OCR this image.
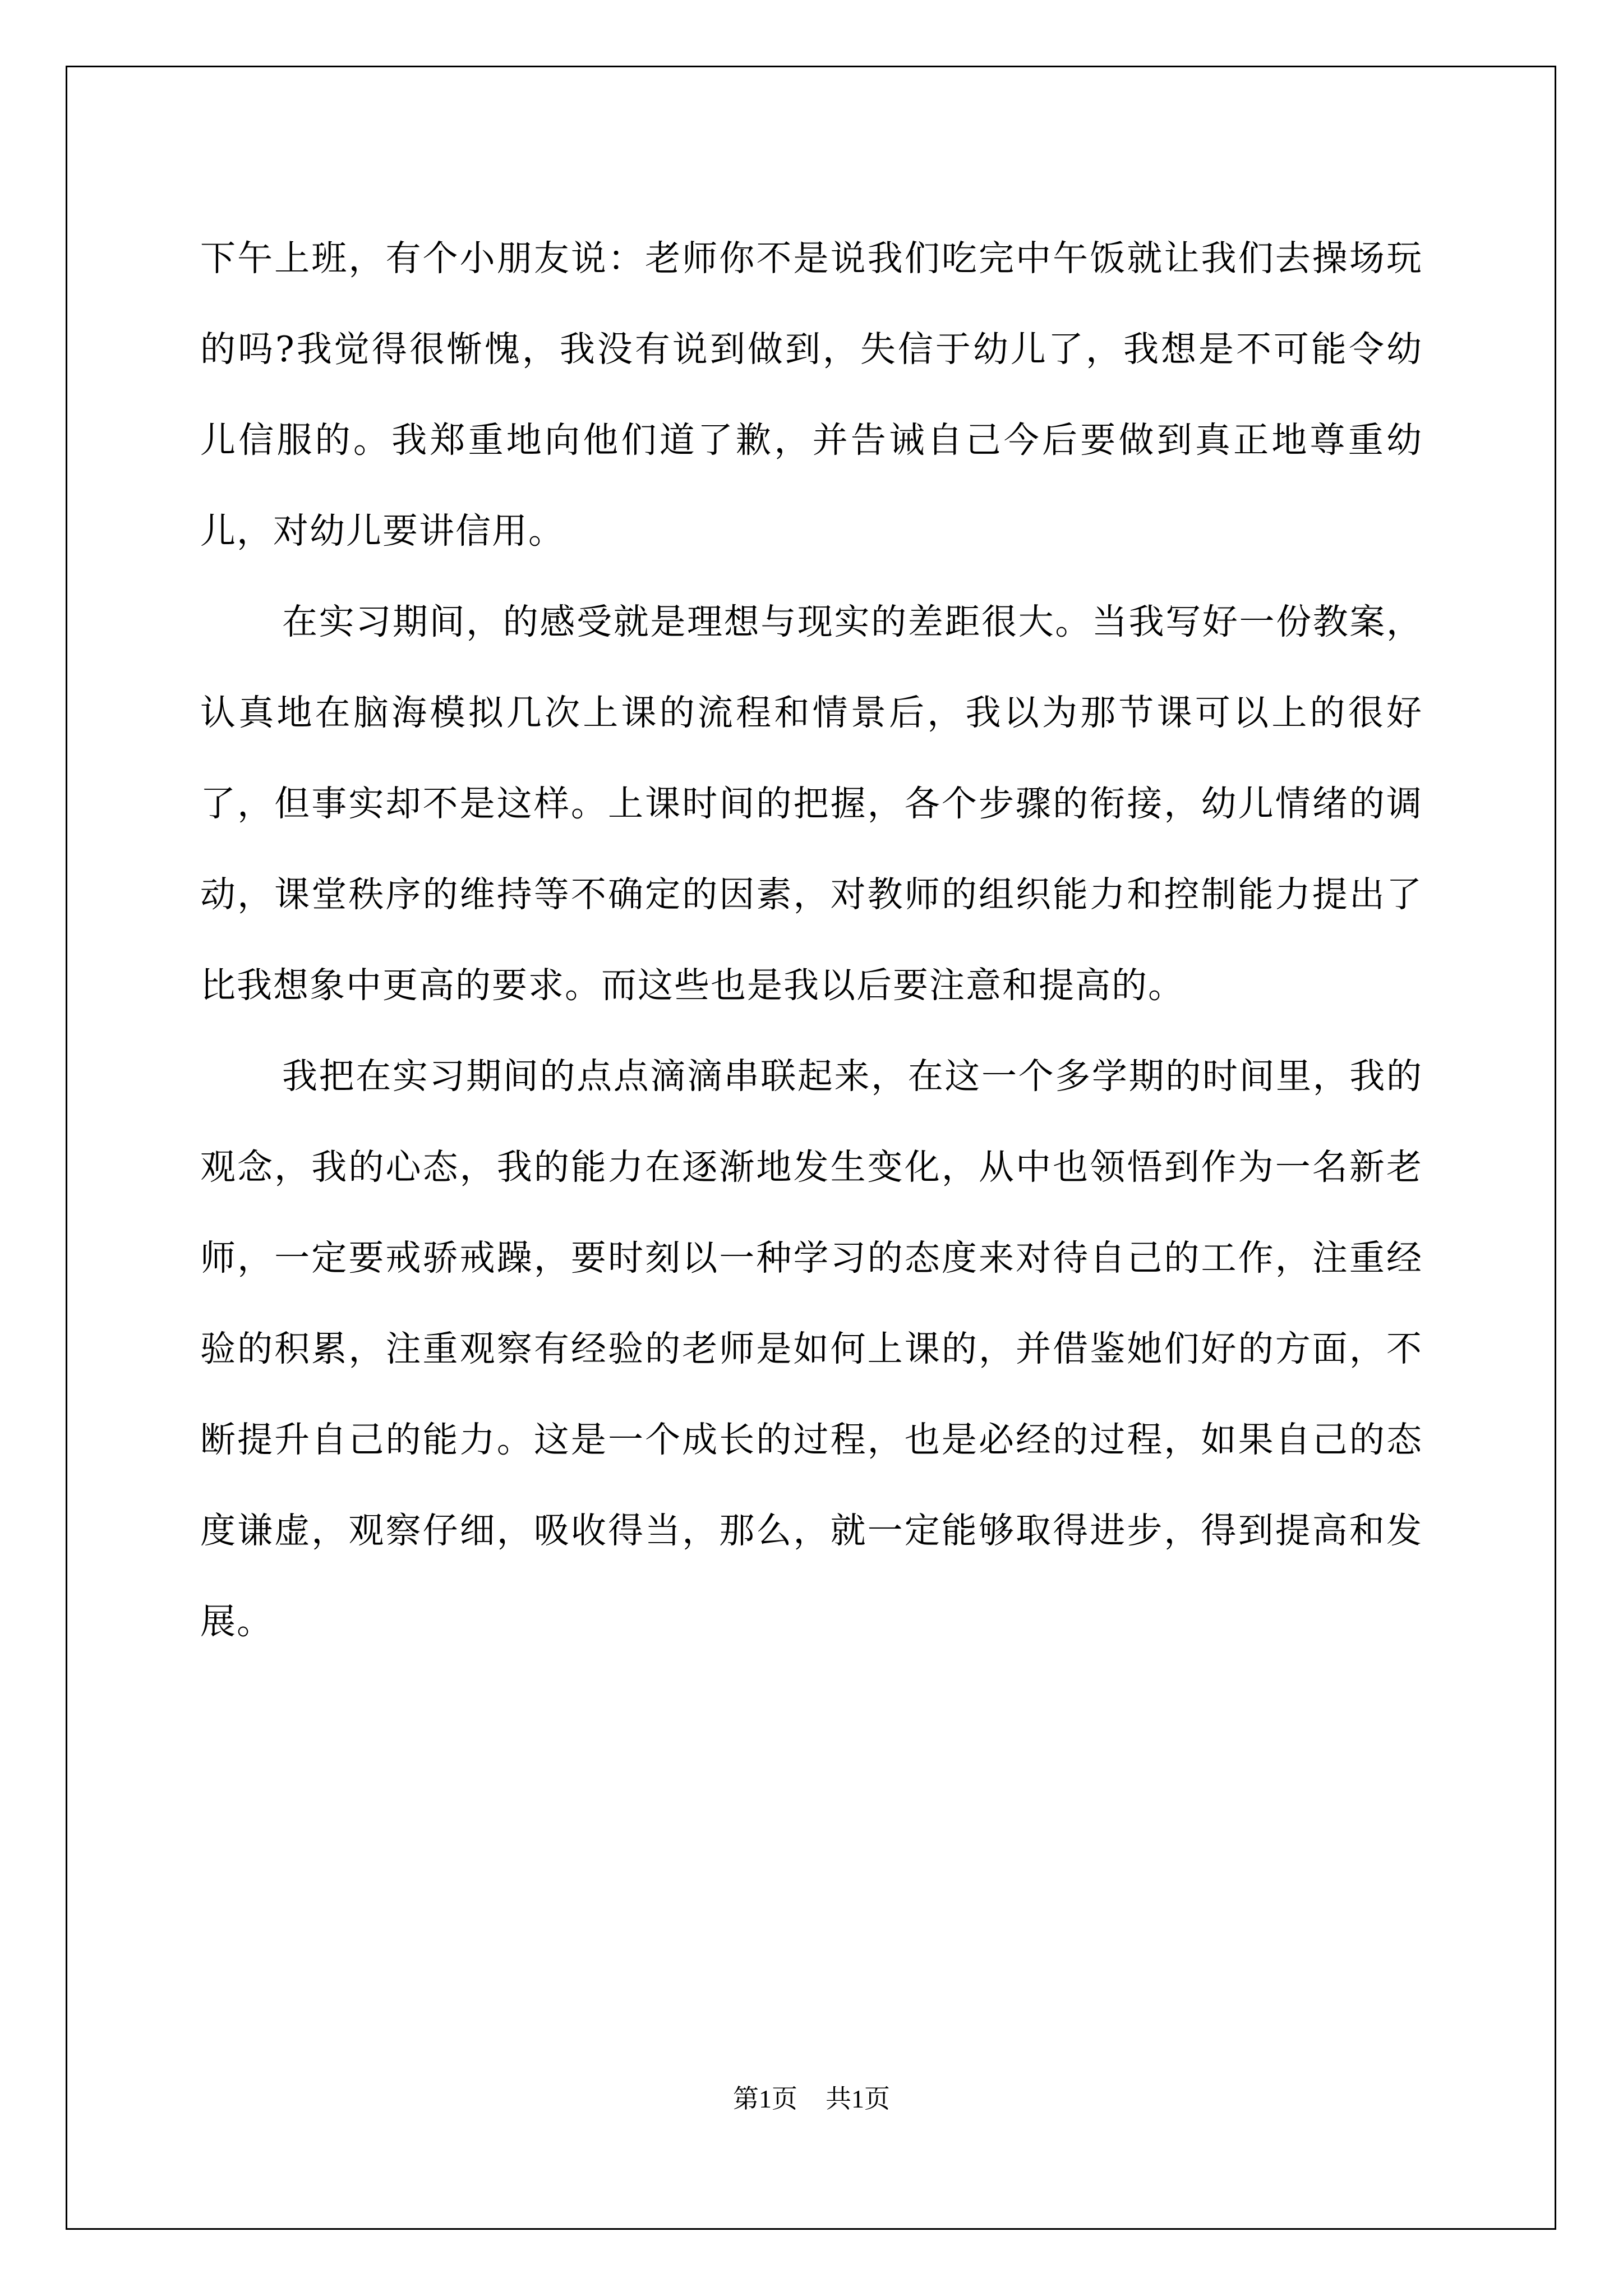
下午上班，有个小朋友说：老师你不是说我们吃完中午饭就让我们去操场玩的吗?我觉得很惭愧，我没有说到做到，失信于幼儿了，我想是不可能令幼儿信服的。我郑重地向他们道了歉，并告诫自己今后要做到真正地尊重幼儿，对幼儿要讲信用。

在实习期间，的感受就是理想与现实的差距很大。当我写好一份教案，认真地在脑海模拟几次上课的流程和情景后，我以为那节课可以上的很好了，但事实却不是这样。上课时间的把握，各个步骤的衔接，幼儿情绪的调动，课堂秩序的维持等不确定的因素，对教师的组织能力和控制能力提出了比我想象中更高的要求。而这些也是我以后要注意和提高的。

我把在实习期间的点点滴滴串联起来，在这一个多学期的时间里，我的观念，我的心态，我的能力在逐渐地发生变化，从中也领悟到作为一名新老师，一定要戒骄戒躁，要时刻以一种学习的态度来对待自己的工作，注重经验的积累，注重观察有经验的老师是如何上课的，并借鉴她们好的方面，不断提升自己的能力。这是一个成长的过程，也是必经的过程，如果自己的态度谦虚，观察仔细，吸收得当，那么，就一定能够取得进步，得到提高和发展。

第1页 共1页
